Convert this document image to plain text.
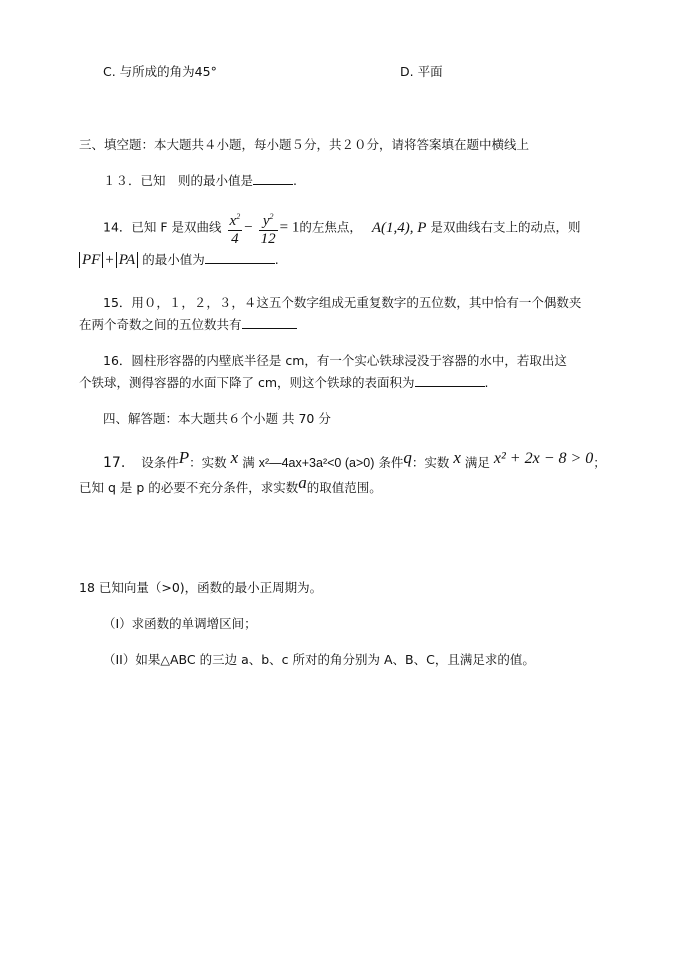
C. 与所成的角为45°	D. 平面
三、填空题：本大题共４小题，每小题５分，共２０分，请将答案填在题中横线上
１３．已知　则的最小值是	.
14．已知 F 是双曲线 $\frac{x^2}{4} - \frac{y^2}{12} = 1$的左焦点， A(1,4), P 是双曲线右支上的动点，则
PF + PA 的最小值为	.
15．用０，１，２，３，４这五个数字组成无重复数字的五位数，其中恰有一个偶数夹
在两个奇数之间的五位数共有
16．圆柱形容器的内壁底半径是 cm，有一个实心铁球浸没于容器的水中，若取出这
个铁球，测得容器的水面下降了 cm，则这个铁球的表面积为	.
四、解答题：本大题共６个小题 共 70 分
17. 设条件P：实数 x 满 x²—4ax+3a²<0 (a>0) 条件q：实数 x 满足 x² + 2x − 8 > 0；
已知 q 是 p 的必要不充分条件，求实数a的取值范围。
18 已知向量（>0)，函数的最小正周期为。
（I）求函数的单调增区间；
（II）如果△ABC 的三边 a、b、c 所对的角分别为 A、B、C，且满足求的值。
